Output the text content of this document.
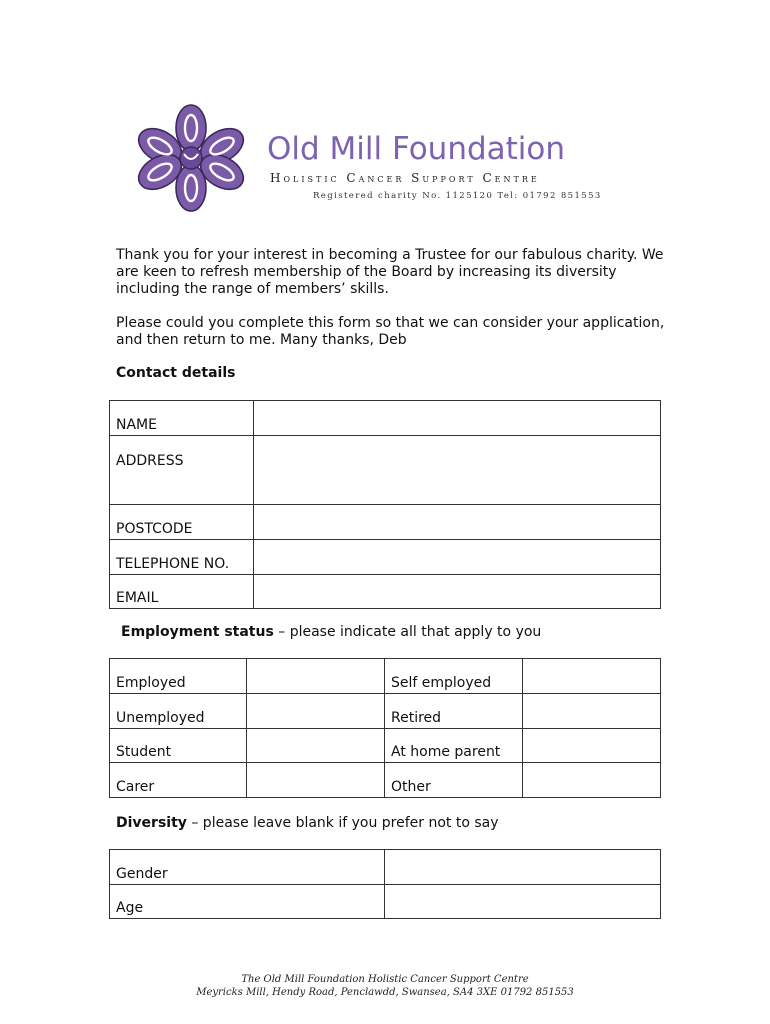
Old Mill Foundation
Holistic Cancer Support Centre
Registered charity No. 1125120 Tel: 01792 851553

Thank you for your interest in becoming a Trustee for our fabulous charity. We are keen to refresh membership of the Board by increasing its diversity including the range of members’ skills.

Please could you complete this form so that we can consider your application, and then return to me. Many thanks, Deb

Contact details
NAME	

ADDRESS	

POSTCODE	

TELEPHONE NO.	

EMAIL	

Employment status – please indicate all that apply to you
Employed		Self employed	

Unemployed		Retired	

Student		At home parent	

Carer		Other	

Diversity – please leave blank if you prefer not to say
Gender	

Age	

The Old Mill Foundation Holistic Cancer Support Centre
Meyricks Mill, Hendy Road, Penclawdd, Swansea, SA4 3XE 01792 851553
